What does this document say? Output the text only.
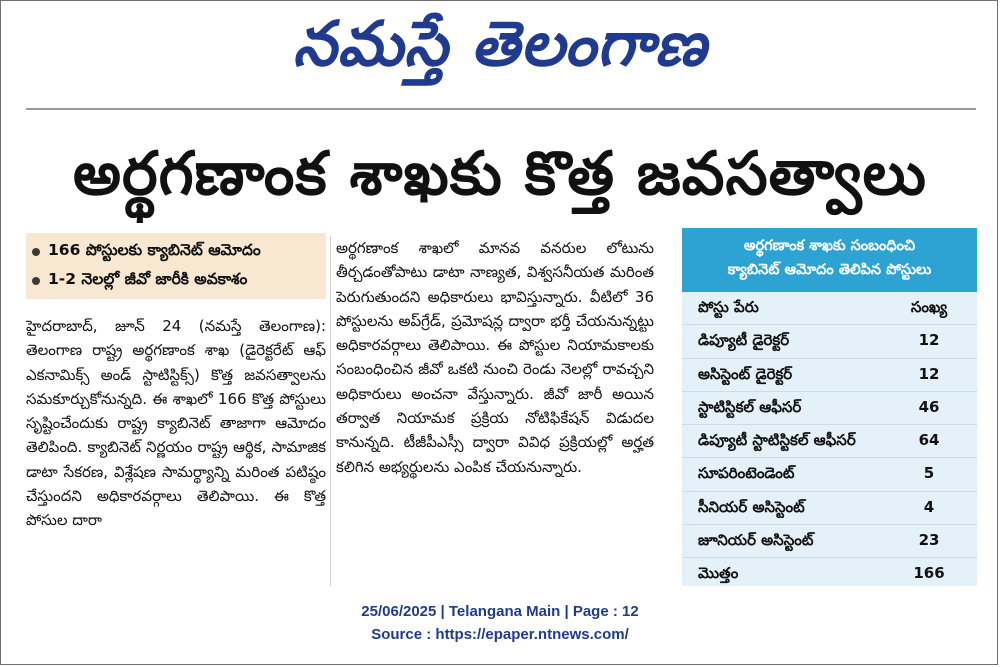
నమస్తే తెలంగాణ
అర్థగణాంక శాఖకు కొత్త జవసత్వాలు
166 పోస్టులకు క్యాబినెట్ ఆమోదం
1-2 నెలల్లో జీవో జారీకి అవకాశం
హైదరాబాద్, జూన్ 24 (నమస్తే తెలంగాణ): తెలంగాణ రాష్ట్ర అర్థగణాంక శాఖ (డైరెక్టరేట్ ఆఫ్ ఎకనామిక్స్ అండ్ స్టాటిస్టిక్స్) కొత్త జవసత్వాలను సమకూర్చుకోనున్నది. ఈ శాఖలో 166 కొత్త పోస్టులు సృష్టించేందుకు రాష్ట్ర క్యాబినెట్ తాజాగా ఆమోదం తెలిపింది. క్యాబినెట్ నిర్ణయం రాష్ట్ర ఆర్థిక, సామాజిక డాటా సేకరణ, విశ్లేషణ సామర్థ్యాన్ని మరింత పటిష్ఠం చేస్తుందని అధికారవర్గాలు తెలిపాయి. ఈ కొత్త పోసుల దారా
అర్థగణాంక శాఖలో మానవ వనరుల లోటును తీర్చడంతోపాటు డాటా నాణ్యత, విశ్వసనీయత మరింత పెరుగుతుందని అధికారులు భావిస్తున్నారు. వీటిలో 36 పోస్టులను అప్‌గ్రేడ్, ప్రమోషన్ల ద్వారా భర్తీ చేయనున్నట్టు అధికారవర్గాలు తెలిపాయి. ఈ పోస్టుల నియామకాలకు సంబంధించిన జీవో ఒకటి నుంచి రెండు నెలల్లో రావచ్చని అధికారులు అంచనా వేస్తున్నారు. జీవో జారీ అయిన తర్వాత నియామక ప్రక్రియ నోటిఫికేషన్ విడుదల కానున్నది. టీజీపీఎస్సీ ద్వారా వివిధ ప్రక్రియల్లో అర్హత కలిగిన అభ్యర్థులను ఎంపిక చేయనున్నారు.
అర్థగణాంక శాఖకు సంబంధించి
క్యాబినెట్ ఆమోదం తెలిపిన పోస్టులు
పోస్టు పేరు	సంఖ్య
డిప్యూటీ డైరెక్టర్	12
అసిస్టెంట్ డైరెక్టర్	12
స్టాటిస్టికల్ ఆఫీసర్	46
డిప్యూటీ స్టాటిస్టికల్ ఆఫీసర్	64
సూపరింటెండెంట్	5
సీనియర్ అసిస్టెంట్	4
జూనియర్ అసిస్టెంట్	23
మొత్తం	166
25/06/2025 | Telangana Main | Page : 12
Source : https://epaper.ntnews.com/
